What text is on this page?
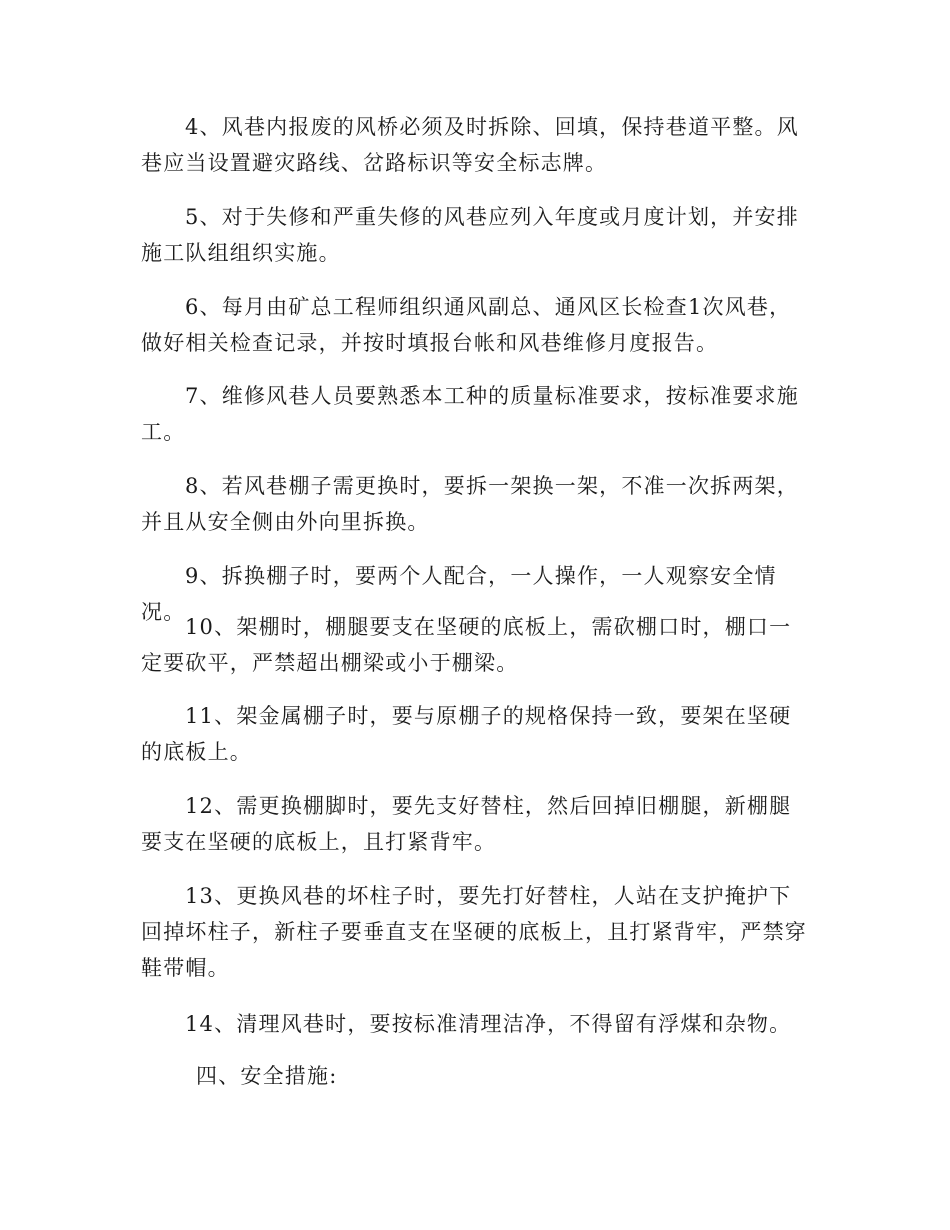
4、风巷内报废的风桥必须及时拆除、回填，保持巷道平整。风巷应当设置避灾路线、岔路标识等安全标志牌。

5、对于失修和严重失修的风巷应列入年度或月度计划，并安排施工队组组织实施。

6、每月由矿总工程师组织通风副总、通风区长检查1次风巷，做好相关检查记录，并按时填报台帐和风巷维修月度报告。

7、维修风巷人员要熟悉本工种的质量标准要求，按标准要求施工。

8、若风巷棚子需更换时，要拆一架换一架，不准一次拆两架，并且从安全侧由外向里拆换。

9、拆换棚子时，要两个人配合，一人操作，一人观察安全情况。

10、架棚时，棚腿要支在坚硬的底板上，需砍棚口时，棚口一定要砍平，严禁超出棚梁或小于棚梁。

11、架金属棚子时，要与原棚子的规格保持一致，要架在坚硬的底板上。

12、需更换棚脚时，要先支好替柱，然后回掉旧棚腿，新棚腿要支在坚硬的底板上，且打紧背牢。

13、更换风巷的坏柱子时，要先打好替柱，人站在支护掩护下回掉坏柱子，新柱子要垂直支在坚硬的底板上，且打紧背牢，严禁穿鞋带帽。

14、清理风巷时，要按标准清理洁净，不得留有浮煤和杂物。

四、安全措施:
